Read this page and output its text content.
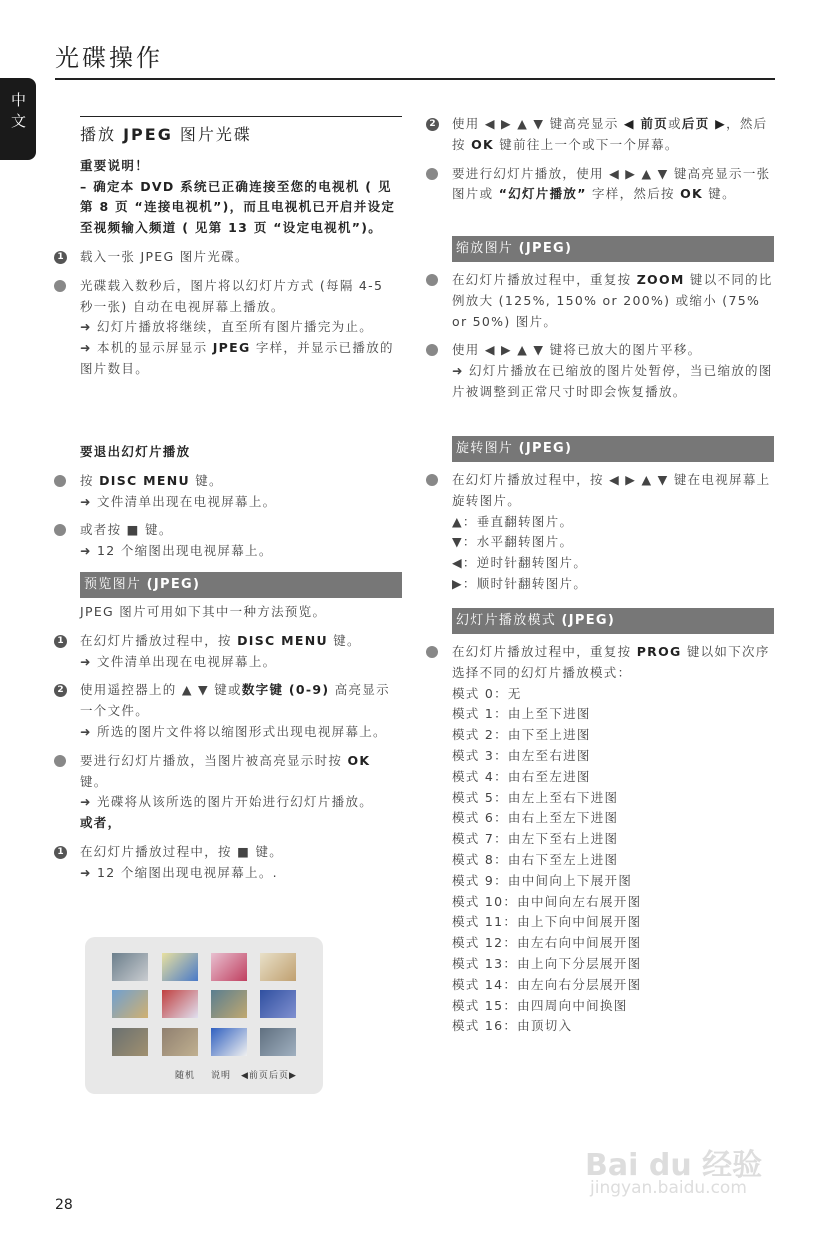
光碟操作
中文
播放 JPEG 图片光碟
重要说明！
– 确定本 DVD 系统已正确连接至您的电视机 ( 见第 8 页 “连接电视机”)，而且电视机已开启并设定至视频输入频道 ( 见第 13 页 “设定电视机”)。
1 载入一张 JPEG 图片光碟。
光碟载入数秒后，图片将以幻灯片方式 (每隔 4-5 秒一张) 自动在电视屏幕上播放。
➜ 幻灯片播放将继续，直至所有图片播完为止。
➜ 本机的显示屏显示 JPEG 字样，并显示已播放的图片数目。
要退出幻灯片播放
按 DISC MENU 键。
➜ 文件清单出现在电视屏幕上。
或者按 ■ 键。
➜ 12 个缩图出现电视屏幕上。
预览图片 (JPEG)
JPEG 图片可用如下其中一种方法预览。
1 在幻灯片播放过程中，按 DISC MENU 键。
➜ 文件清单出现在电视屏幕上。
2 使用遥控器上的 ▲ ▼ 键或数字键 (0-9) 高亮显示一个文件。
➜ 所选的图片文件将以缩图形式出现电视屏幕上。
要进行幻灯片播放，当图片被高亮显示时按 OK 键。
➜ 光碟将从该所选的图片开始进行幻灯片播放。
或者，
1 在幻灯片播放过程中，按 ■ 键。
➜ 12 个缩图出现电视屏幕上。.
2 使用 ◀ ▶ ▲ ▼ 键高亮显示 ◀ 前页或后页 ▶，然后按 OK 键前往上一个或下一个屏幕。
要进行幻灯片播放，使用 ◀ ▶ ▲ ▼ 键高亮显示一张图片或 “幻灯片播放” 字样，然后按 OK 键。
缩放图片 (JPEG)
在幻灯片播放过程中，重复按 ZOOM 键以不同的比例放大 (125%, 150% or 200%) 或缩小 (75% or 50%) 图片。
使用 ◀ ▶ ▲ ▼ 键将已放大的图片平移。
➜ 幻灯片播放在已缩放的图片处暂停，当已缩放的图片被调整到正常尺寸时即会恢复播放。
旋转图片 (JPEG)
在幻灯片播放过程中，按 ◀ ▶ ▲ ▼ 键在电视屏幕上旋转图片。
▲：垂直翻转图片。
▼：水平翻转图片。
◀：逆时针翻转图片。
▶：顺时针翻转图片。
幻灯片播放模式 (JPEG)
在幻灯片播放过程中，重复按 PROG 键以如下次序选择不同的幻灯片播放模式：
模式 0：无
模式 1：由上至下进图
模式 2：由下至上进图
模式 3：由左至右进图
模式 4：由右至左进图
模式 5：由左上至右下进图
模式 6：由右上至左下进图
模式 7：由左下至右上进图
模式 8：由右下至左上进图
模式 9：由中间向上下展开图
模式 10：由中间向左右展开图
模式 11：由上下向中间展开图
模式 12：由左右向中间展开图
模式 13：由上向下分层展开图
模式 14：由左向右分层展开图
模式 15：由四周向中间换图
模式 16：由顶切入
随机 说明 ◀前页 后页▶
28
Bai du 经验
jingyan.baidu.com
